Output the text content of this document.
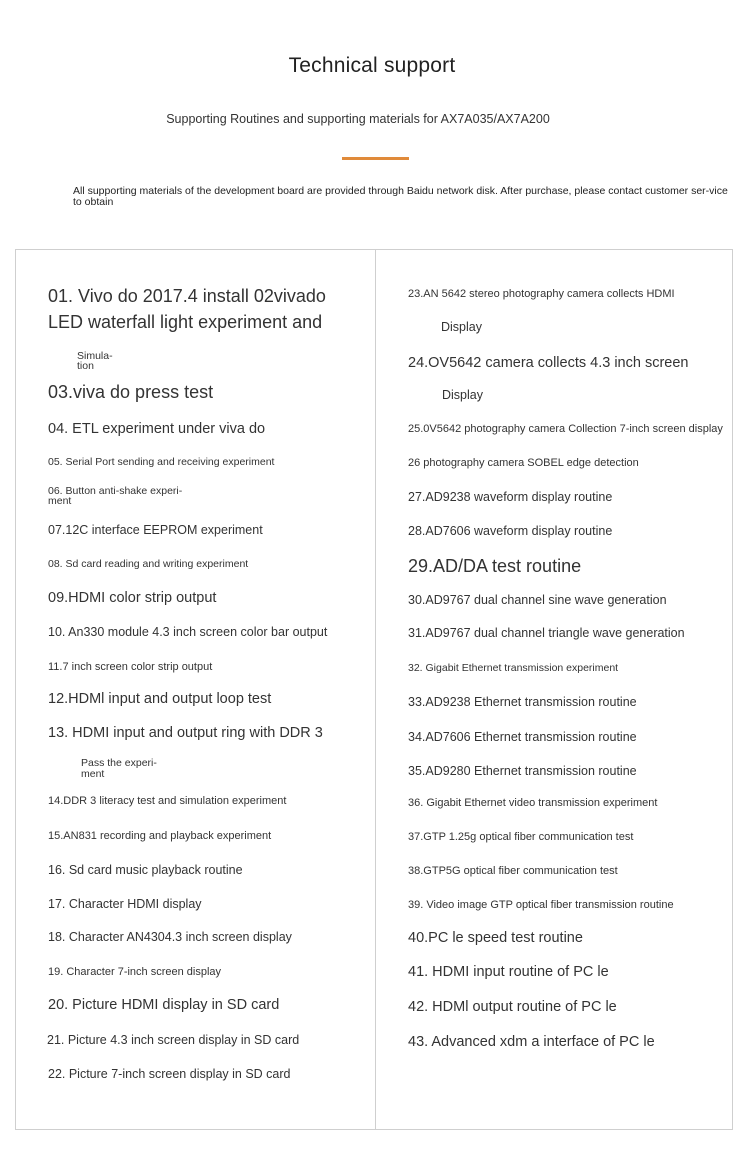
Technical support
Supporting Routines and supporting materials for AX7A035/AX7A200
All supporting materials of the development board are provided through Baidu network disk. After purchase, please contact customer ser-vice to obtain
01. Vivo do 2017.4 install 02vivado
LED waterfall light experiment and
Simula-
tion
03.viva do press test
04. ETL experiment under viva do
05. Serial Port sending and receiving experiment
06. Button anti-shake experi-
ment
07.12C interface EEPROM experiment
08. Sd card reading and writing experiment
09.HDMI color strip output
10. An330 module 4.3 inch screen color bar output
11.7 inch screen color strip output
12.HDMl input and output loop test
13. HDMI input and output ring with DDR 3
Pass the experi-
ment
14.DDR 3 literacy test and simulation experiment
15.AN831 recording and playback experiment
16. Sd card music playback routine
17. Character HDMI display
18. Character AN4304.3 inch screen display
19. Character 7-inch screen display
20. Picture HDMI display in SD card
21. Picture 4.3 inch screen display in SD card
22. Picture 7-inch screen display in SD card
23.AN 5642 stereo photography camera collects HDMI
Display
24.OV5642 camera collects 4.3 inch screen
Display
25.0V5642 photography camera Collection 7-inch screen display
26 photography camera SOBEL edge detection
27.AD9238 waveform display routine
28.AD7606 waveform display routine
29.AD/DA test routine
30.AD9767 dual channel sine wave generation
31.AD9767 dual channel triangle wave generation
32. Gigabit Ethernet transmission experiment
33.AD9238 Ethernet transmission routine
34.AD7606 Ethernet transmission routine
35.AD9280 Ethernet transmission routine
36. Gigabit Ethernet video transmission experiment
37.GTP 1.25g optical fiber communication test
38.GTP5G optical fiber communication test
39. Video image GTP optical fiber transmission routine
40.PC le speed test routine
41. HDMI input routine of PC le
42. HDMl output routine of PC le
43. Advanced xdm a interface of PC le
